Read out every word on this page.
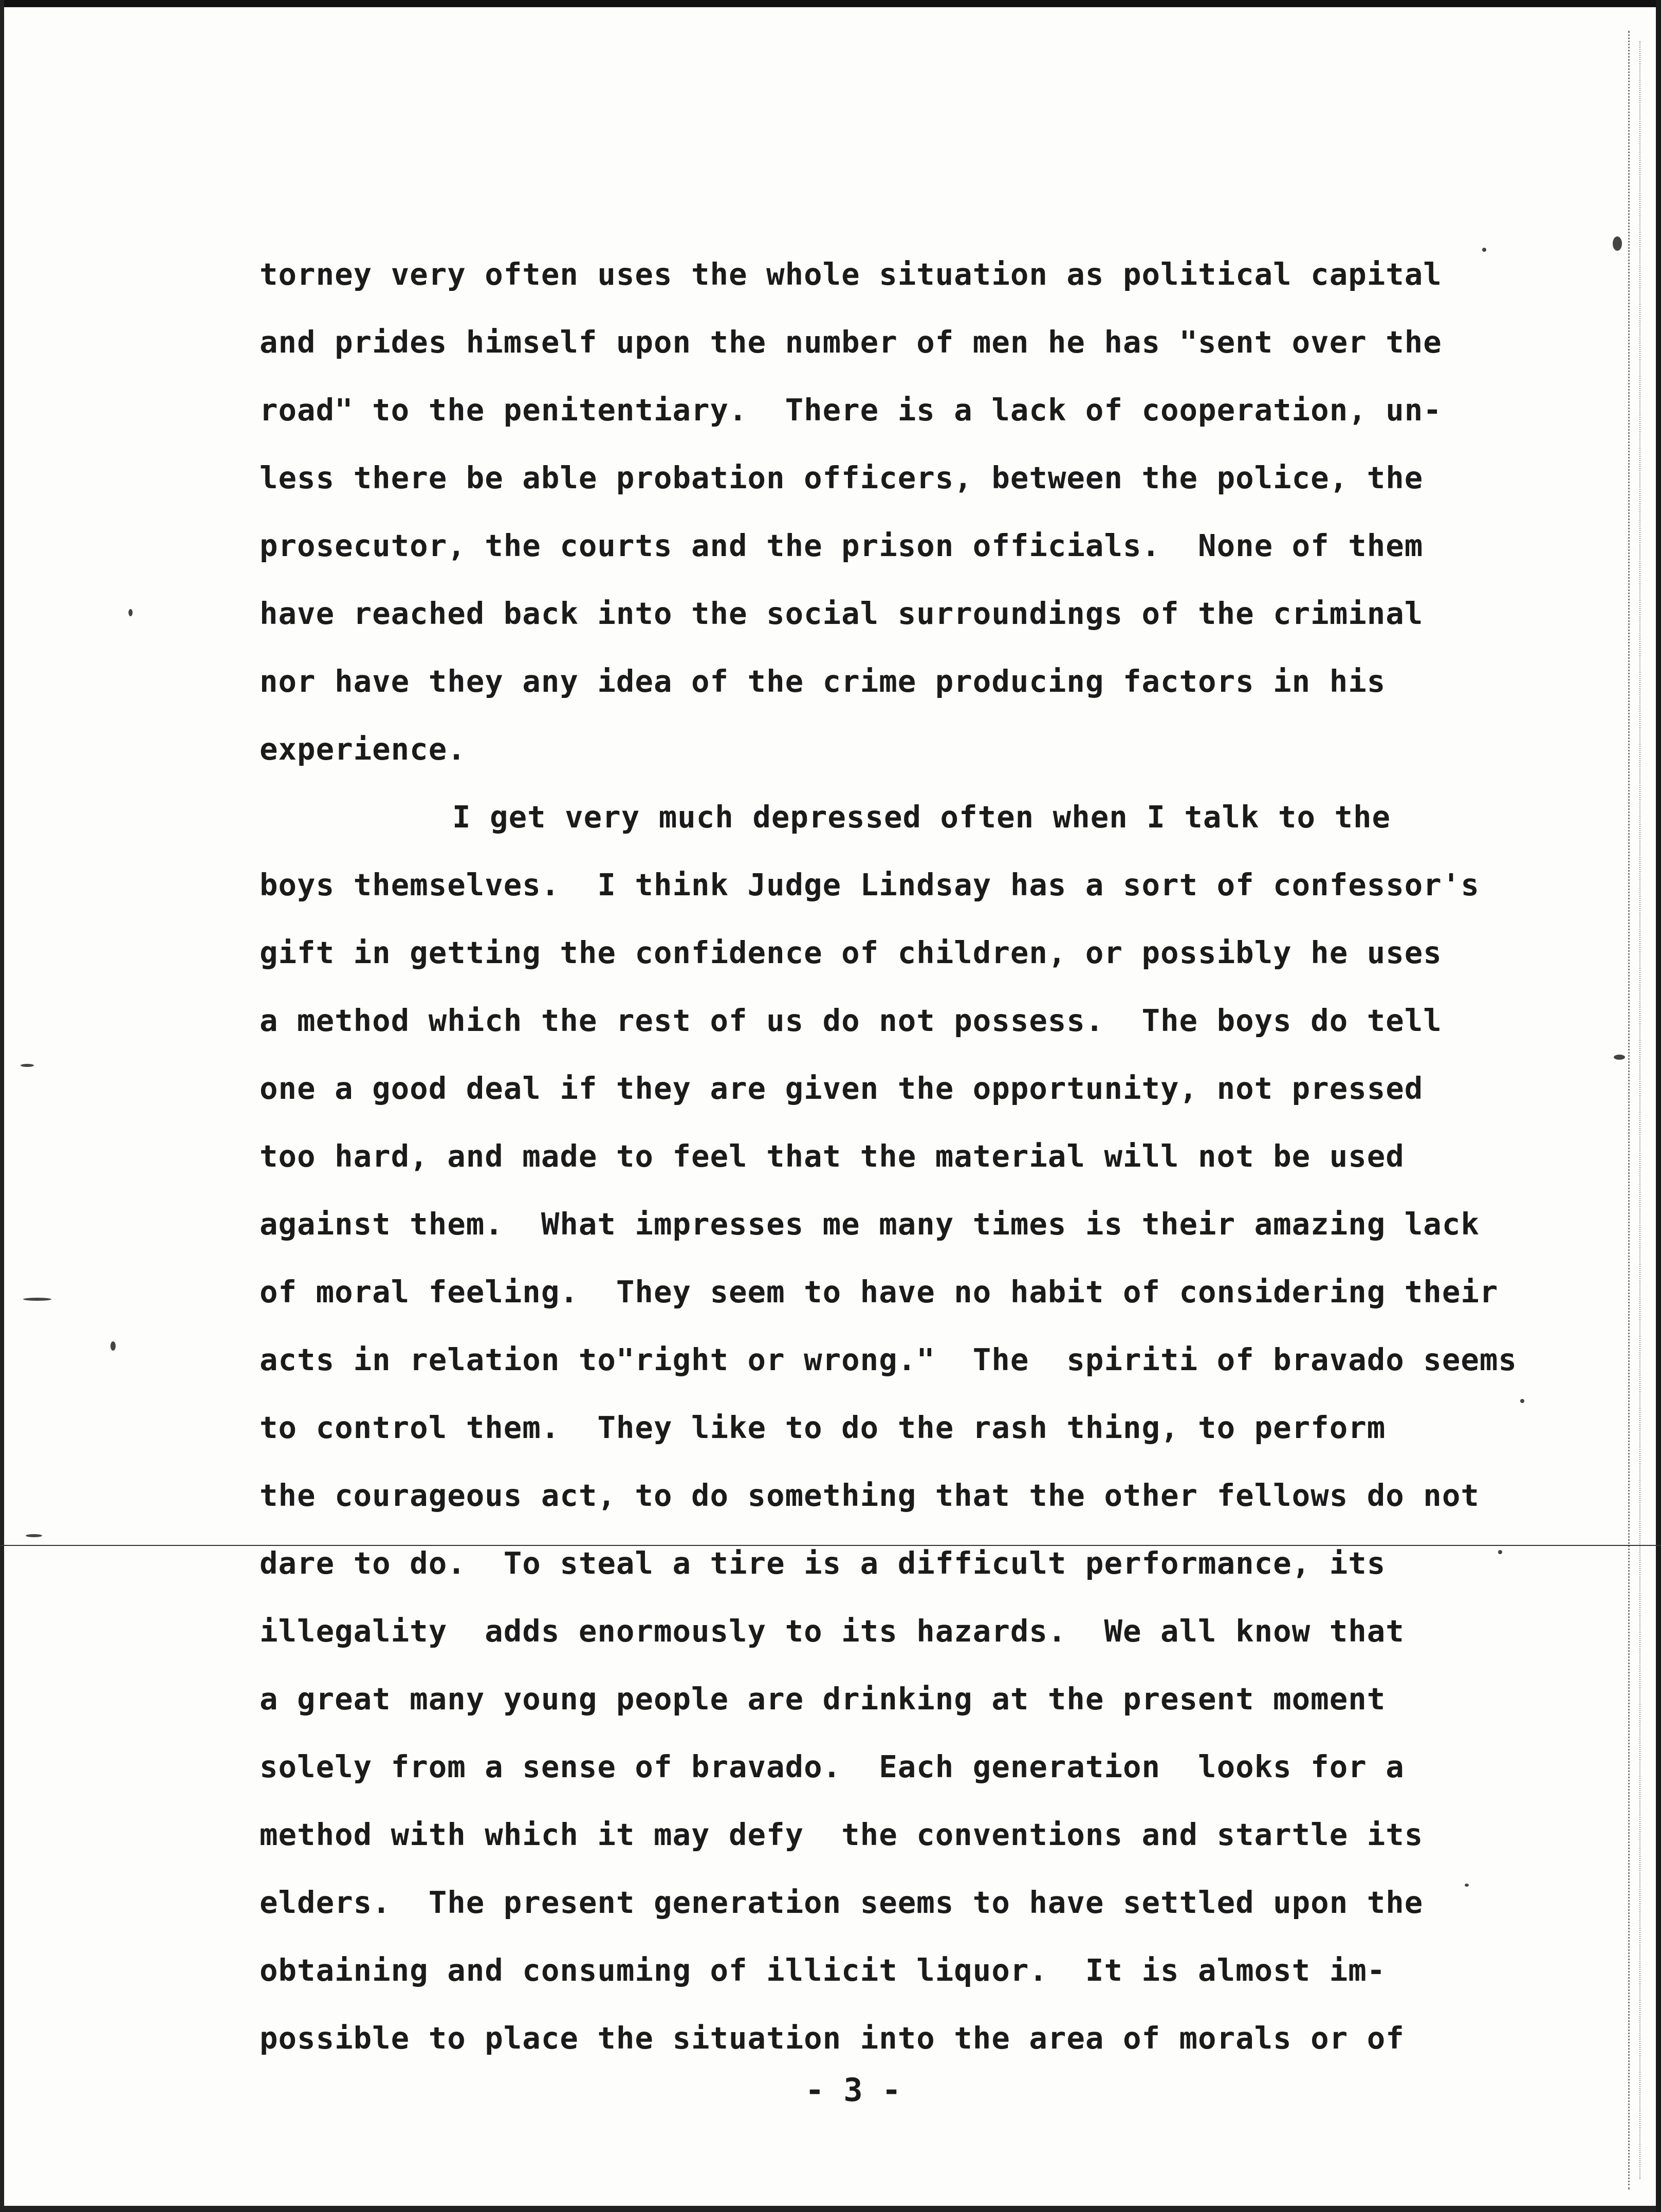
torney very often uses the whole situation as political capital
and prides himself upon the number of men he has "sent over the
road" to the penitentiary.  There is a lack of cooperation, un-
less there be able probation officers, between the police, the
prosecutor, the courts and the prison officials.  None of them
have reached back into the social surroundings of the criminal
nor have they any idea of the crime producing factors in his
experience.
I get very much depressed often when I talk to the
boys themselves.  I think Judge Lindsay has a sort of confessor's
gift in getting the confidence of children, or possibly he uses
a method which the rest of us do not possess.  The boys do tell
one a good deal if they are given the opportunity, not pressed
too hard, and made to feel that the material will not be used
against them.  What impresses me many times is their amazing lack
of moral feeling.  They seem to have no habit of considering their
acts in relation to"right or wrong."  The  spiriti of bravado seems
to control them.  They like to do the rash thing, to perform
the courageous act, to do something that the other fellows do not
dare to do.  To steal a tire is a difficult performance, its
illegality  adds enormously to its hazards.  We all know that
a great many young people are drinking at the present moment
solely from a sense of bravado.  Each generation  looks for a
method with which it may defy  the conventions and startle its
elders.  The present generation seems to have settled upon the
obtaining and consuming of illicit liquor.  It is almost im-
possible to place the situation into the area of morals or of
- 3 -
